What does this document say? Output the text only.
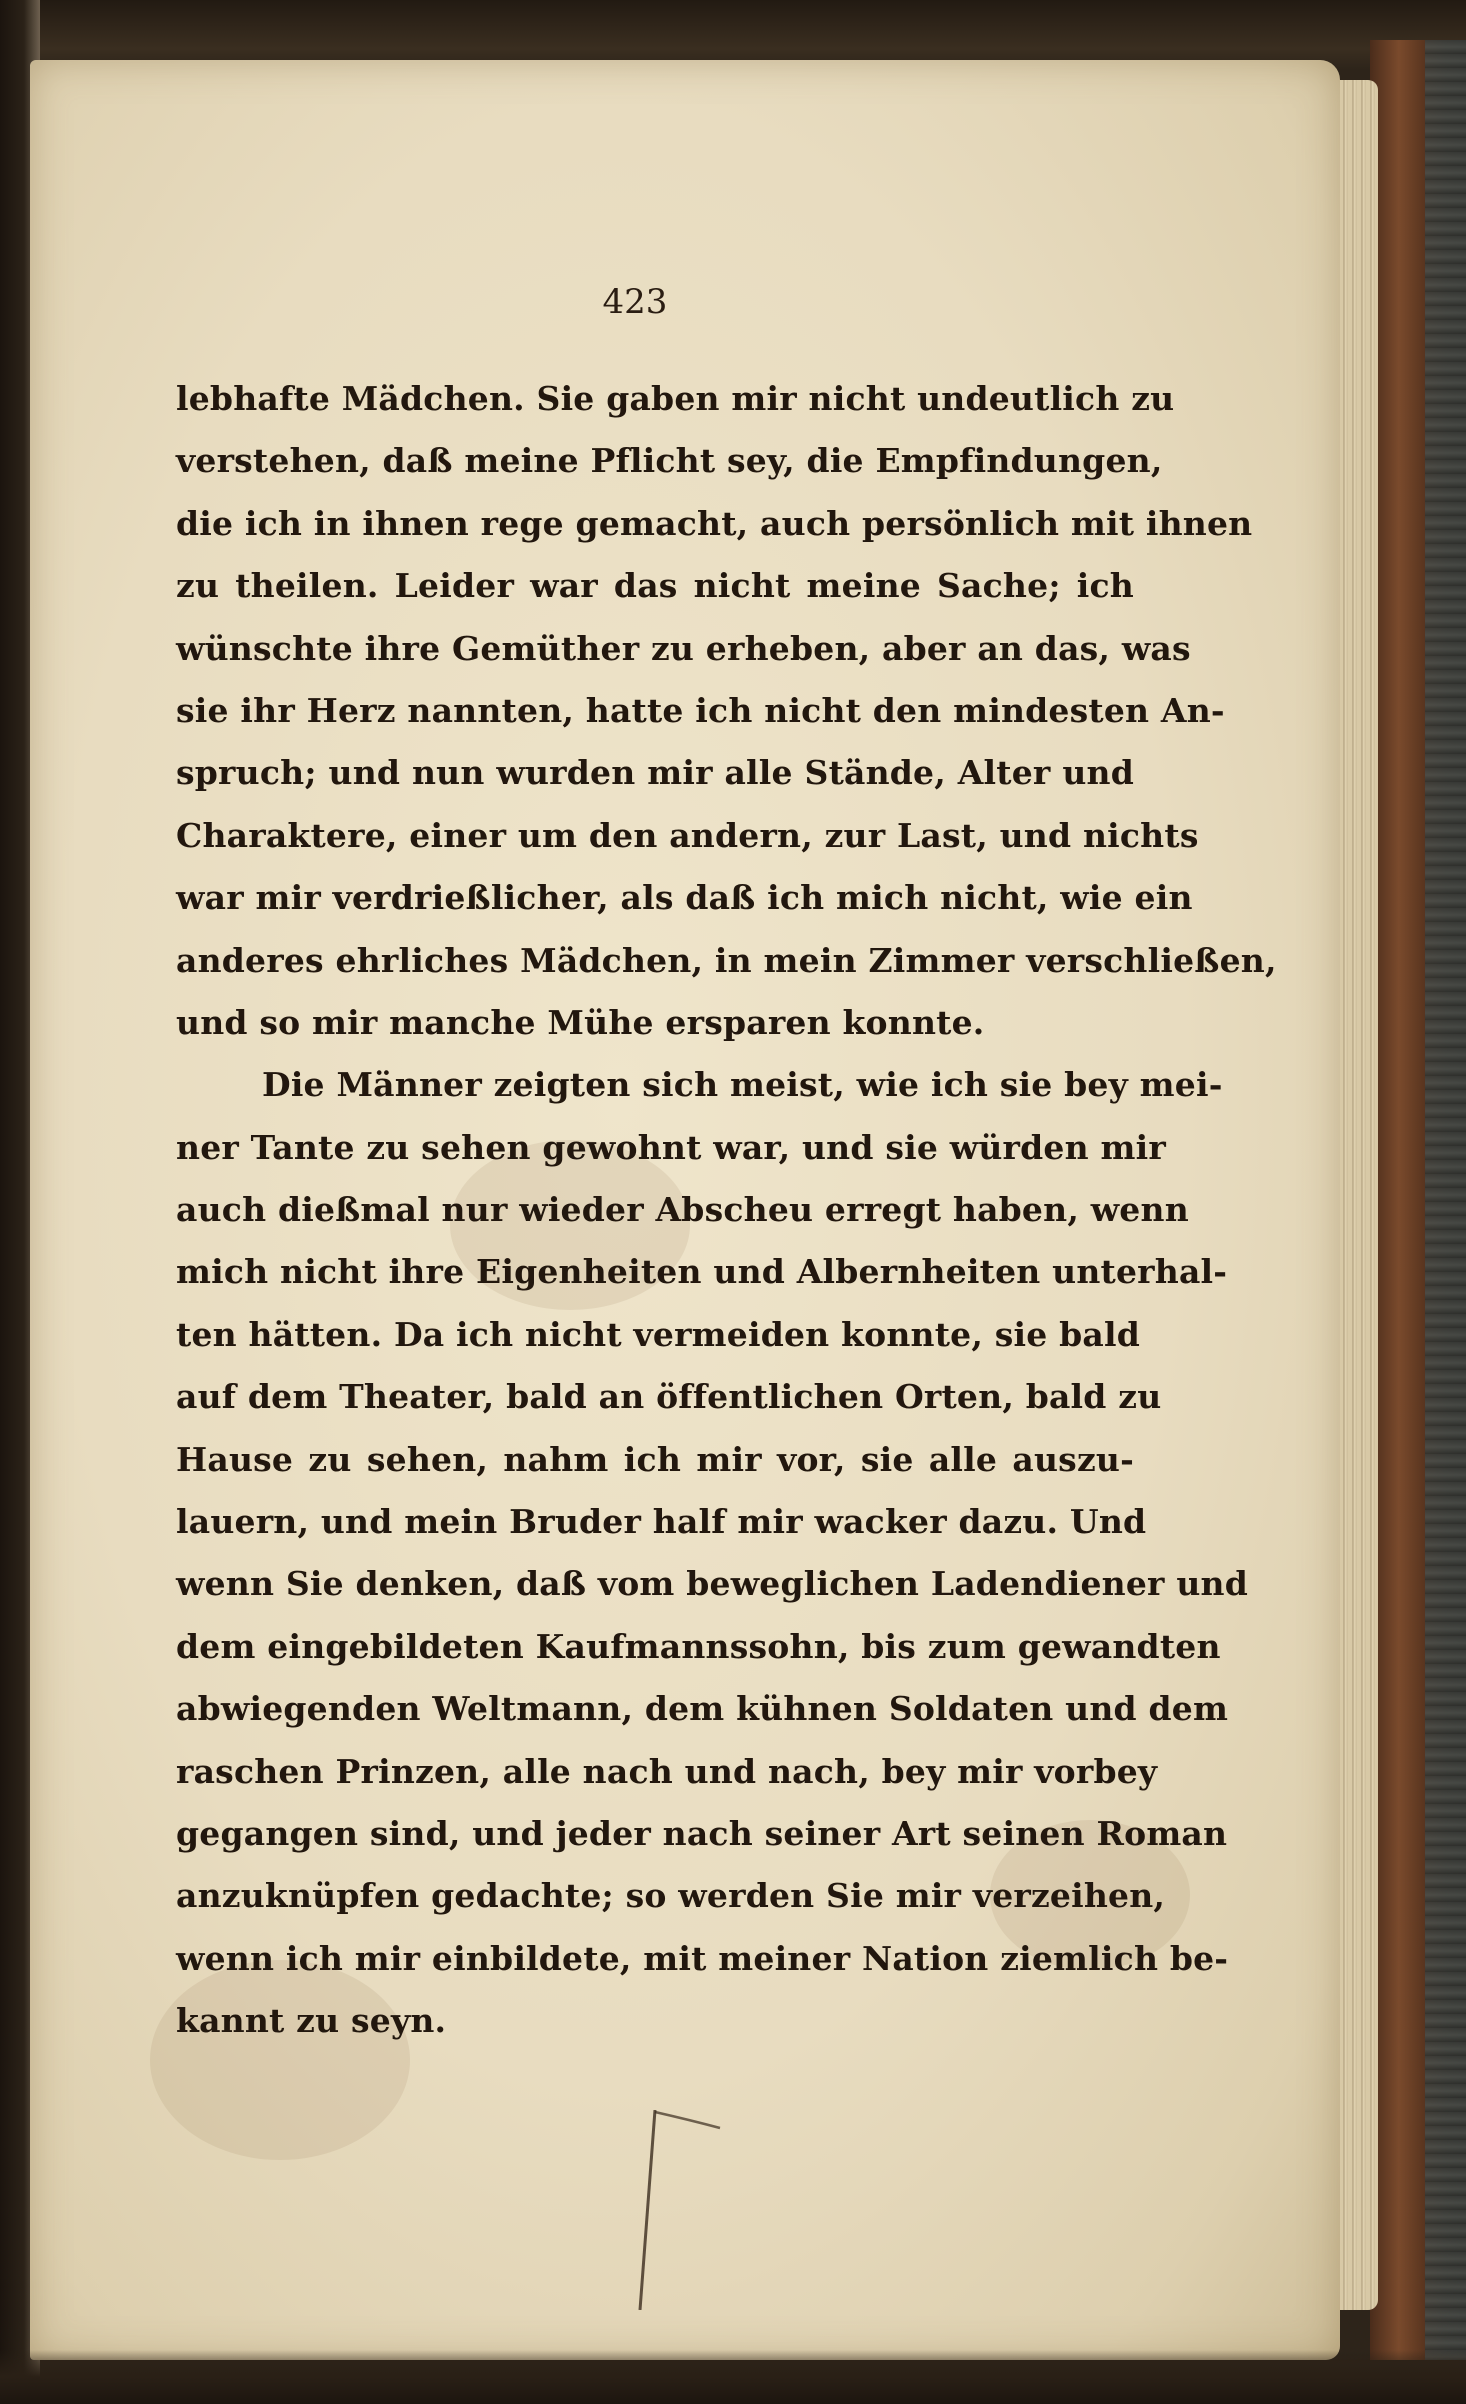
423
lebhafte Mädchen. Sie gaben mir nicht undeutlich zu
verstehen, daß meine Pflicht sey, die Empfindungen,
die ich in ihnen rege gemacht, auch persönlich mit ihnen
zu theilen. Leider war das nicht meine Sache; ich
wünschte ihre Gemüther zu erheben, aber an das, was
sie ihr Herz nannten, hatte ich nicht den mindesten An-
spruch; und nun wurden mir alle Stände, Alter und
Charaktere, einer um den andern, zur Last, und nichts
war mir verdrießlicher, als daß ich mich nicht, wie ein
anderes ehrliches Mädchen, in mein Zimmer verschließen,
und so mir manche Mühe ersparen konnte.
Die Männer zeigten sich meist, wie ich sie bey mei-
ner Tante zu sehen gewohnt war, und sie würden mir
auch dießmal nur wieder Abscheu erregt haben, wenn
mich nicht ihre Eigenheiten und Albernheiten unterhal-
ten hätten. Da ich nicht vermeiden konnte, sie bald
auf dem Theater, bald an öffentlichen Orten, bald zu
Hause zu sehen, nahm ich mir vor, sie alle auszu-
lauern, und mein Bruder half mir wacker dazu. Und
wenn Sie denken, daß vom beweglichen Ladendiener und
dem eingebildeten Kaufmannssohn, bis zum gewandten
abwiegenden Weltmann, dem kühnen Soldaten und dem
raschen Prinzen, alle nach und nach, bey mir vorbey
gegangen sind, und jeder nach seiner Art seinen Roman
anzuknüpfen gedachte; so werden Sie mir verzeihen,
wenn ich mir einbildete, mit meiner Nation ziemlich be-
kannt zu seyn.
